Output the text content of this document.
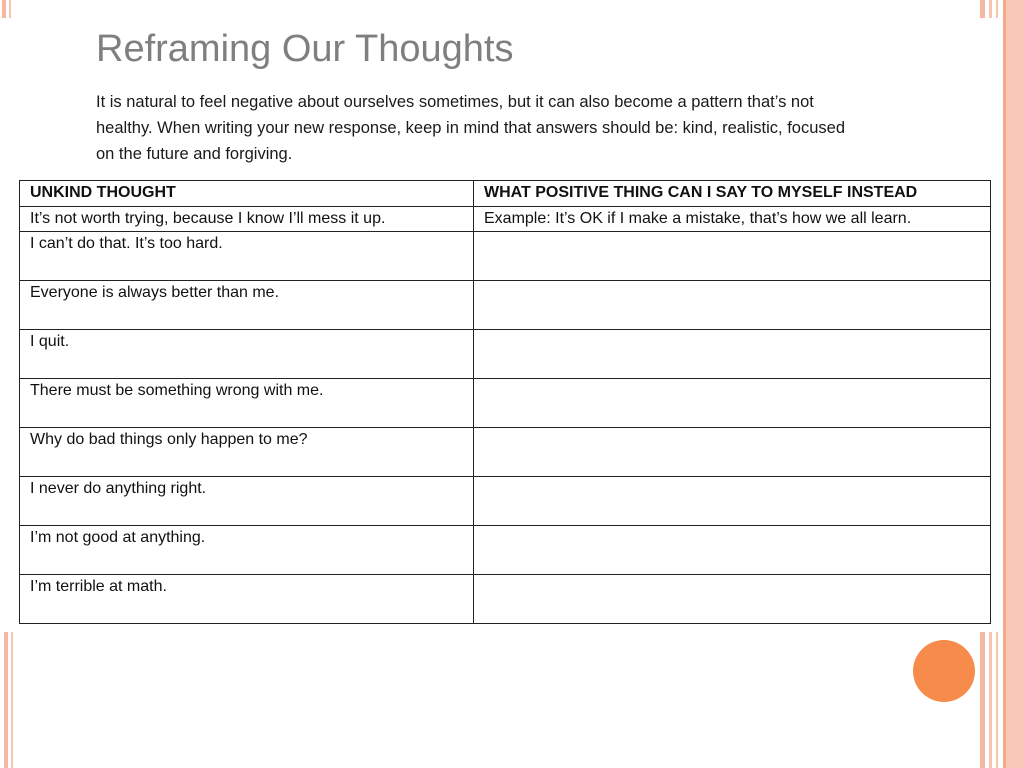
Reframing Our Thoughts
It is natural to feel negative about ourselves sometimes, but it can also become a pattern that’s not
healthy. When writing your new response, keep in mind that answers should be: kind, realistic, focused
on the future and forgiving.
UNKIND THOUGHT	WHAT POSITIVE THING CAN I SAY TO MYSELF INSTEAD
It’s not worth trying, because I know I’ll mess it up.	Example: It’s OK if I make a mistake, that’s how we all learn.
I can’t do that. It’s too hard.	
Everyone is always better than me.	
I quit.	
There must be something wrong with me.	
Why do bad things only happen to me?	
I never do anything right.	
I’m not good at anything.	
I’m terrible at math.	
